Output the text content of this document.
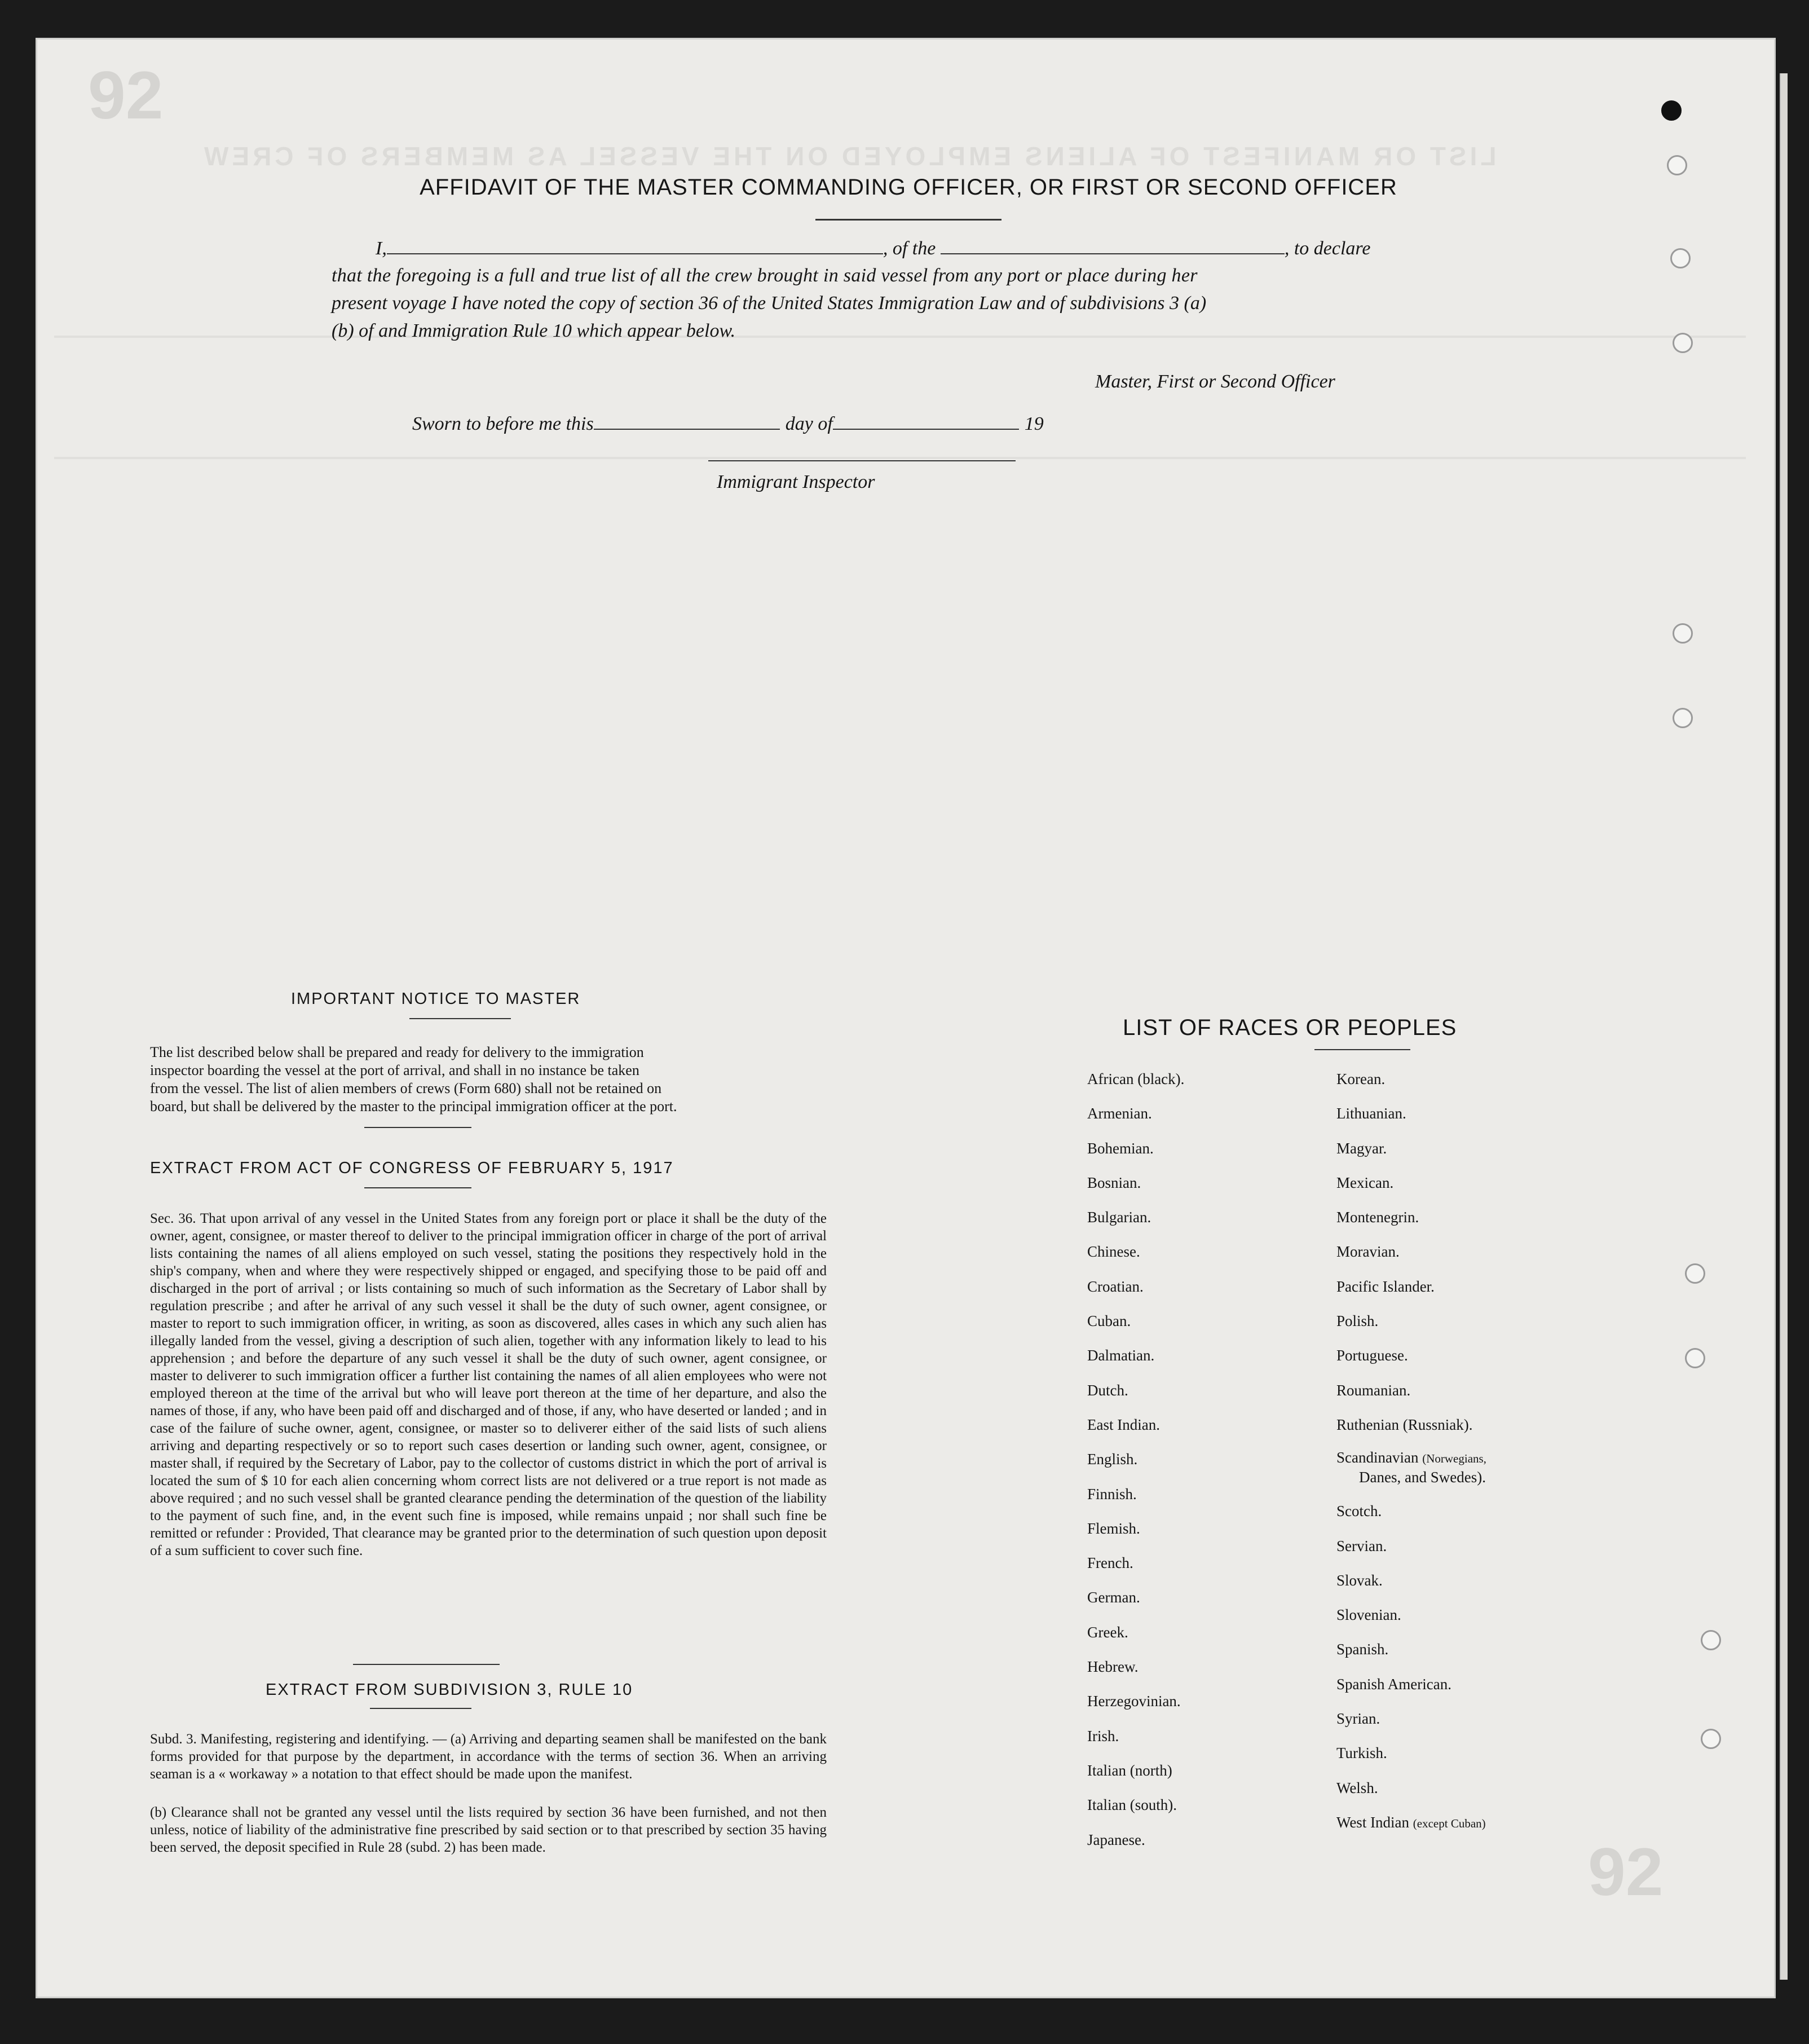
LIST OR MANIFEST OF ALIENS EMPLOYED ON THE VESSEL AS MEMBERS OF CREW
92
92
AFFIDAVIT OF THE MASTER COMMANDING OFFICER, OR FIRST OR SECOND OFFICER
I,	, of the	, to declare
that the foregoing is a full and true list of all the crew brought in said vessel from any port or place during her
present voyage I have noted the copy of section 36 of the United States Immigration Law and of subdivisions 3 (a)
(b) of and Immigration Rule 10 which appear below.
Master, First or Second Officer
Sworn to before me this	day of	19
Immigrant Inspector
IMPORTANT NOTICE TO MASTER
The list described below shall be prepared and ready for delivery to the immigration
inspector boarding the vessel at the port of arrival, and shall in no instance be taken
from the vessel. The list of alien members of crews (Form 680) shall not be retained on
board, but shall be delivered by the master to the principal immigration officer at the port.
EXTRACT FROM ACT OF CONGRESS OF FEBRUARY 5, 1917
Sec. 36. That upon arrival of any vessel in the United States from any foreign port or place it shall be the duty of the owner, agent, consignee, or master thereof to deliver to the principal immigration officer in charge of the port of arrival lists containing the names of all aliens employed on such vessel, stating the positions they respectively hold in the ship's company, when and where they were respectively shipped or engaged, and specifying those to be paid off and discharged in the port of arrival ; or lists containing so much of such information as the Secretary of Labor shall by regulation prescribe ; and after he arrival of any such vessel it shall be the duty of such owner, agent consignee, or master to report to such immigration officer, in writing, as soon as discovered, alles cases in which any such alien has illegally landed from the vessel, giving a description of such alien, together with any information likely to lead to his apprehension ; and before the departure of any such vessel it shall be the duty of such owner, agent consignee, or master to deliverer to such immigration officer a further list containing the names of all alien employees who were not employed thereon at the time of the arrival but who will leave port thereon at the time of her departure, and also the names of those, if any, who have been paid off and discharged and of those, if any, who have deserted or landed ; and in case of the failure of suche owner, agent, consignee, or master so to deliverer either of the said lists of such aliens arriving and departing respectively or so to report such cases desertion or landing such owner, agent, consignee, or master shall, if required by the Secretary of Labor, pay to the collector of customs district in which the port of arrival is located the sum of $ 10 for each alien concerning whom correct lists are not delivered or a true report is not made as above required ; and no such vessel shall be granted clearance pending the determination of the question of the liability to the payment of such fine, and, in the event such fine is imposed, while remains unpaid ; nor shall such fine be remitted or refunder : Provided, That clearance may be granted prior to the determination of such question upon deposit of a sum sufficient to cover such fine.
EXTRACT FROM SUBDIVISION 3, RULE 10
Subd. 3. Manifesting, registering and identifying. — (a) Arriving and departing seamen shall be manifested on the bank forms provided for that purpose by the department, in accordance with the terms of section 36. When an arriving seaman is a « workaway » a notation to that effect should be made upon the manifest.
(b) Clearance shall not be granted any vessel until the lists required by section 36 have been furnished, and not then unless, notice of liability of the administrative fine prescribed by said section or to that prescribed by section 35 having been served, the deposit specified in Rule 28 (subd. 2) has been made.
LIST OF RACES OR PEOPLES
African (black).
Armenian.
Bohemian.
Bosnian.
Bulgarian.
Chinese.
Croatian.
Cuban.
Dalmatian.
Dutch.
East Indian.
English.
Finnish.
Flemish.
French.
German.
Greek.
Hebrew.
Herzegovinian.
Irish.
Italian (north)
Italian (south).
Japanese.
Korean.
Lithuanian.
Magyar.
Mexican.
Montenegrin.
Moravian.
Pacific Islander.
Polish.
Portuguese.
Roumanian.
Ruthenian (Russniak).
Scandinavian (Norwegians,
Danes, and Swedes).
Scotch.
Servian.
Slovak.
Slovenian.
Spanish.
Spanish American.
Syrian.
Turkish.
Welsh.
West Indian (except Cuban)
